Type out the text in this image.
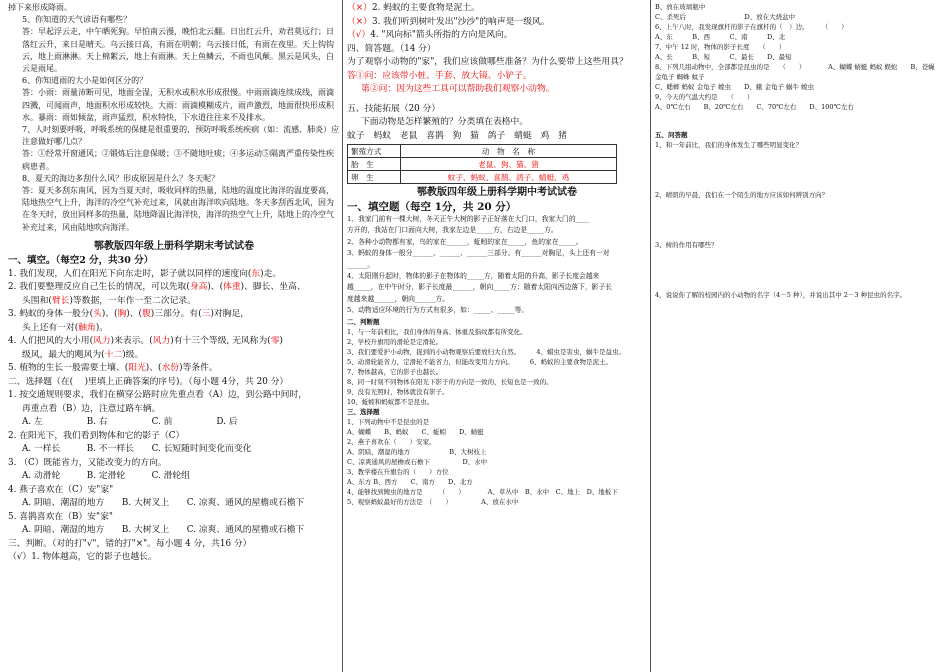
掉下来形成降雨。

5、你知道的天气谚语有哪些？

答：早起浮云走，中午晒死狗。早怕南云漫，晚怕北云翻。日出红云升，劝君莫远行；日落红云升，来日是晴天。乌云接日高，有雨在明朝；乌云接日低，有雨在夜里。天上钩钩云，地上雨淋淋。天上棉絮云，地上有雨淋。天上鱼鳞云，不雨也风颠。黑云是风头，白云是雨尾。

6、你知道雨的大小是如何区分的？

答：小雨：雨量沛断可见，地面全湿，无积水或积水形成很慢。中雨雨滴连续成线，雨滴四溅，可闻雨声，地面积水形成较快。大雨：雨滴模糊成片，雨声激烈，地面很快形成积水。暴雨：雨如倾盆，雨声猛烈，积水特快，下水道往往来不及排水。

7、人吋刻要呼吸，呼吸系统的保健是很重要的，预防呼吸系统疾病（如：流感、肺炎）应注意做好哪几点？

答：①经常开窗通风；②锻炼后注意保暖；③不随地吐痰；④多运动⑤隔离严重传染性疾病患者。

8、夏天的海边多刮什么风？形成原因是什么？冬天呢？

答：夏天多刮东南风，因为当夏天时，吸收同样的热量，陆地的温度比海洋的温度要高，陆地热空气上升，海洋的冷空气补充过来，风就由海洋吹向陆地。冬天多刮西北风，因为在冬天时，放出同样多的热量，陆地降温比海洋快，海洋的热空气上升，陆地上的冷空气补充过来，风由陆地吹向海洋。

鄂教版四年级上册科学期末考试试卷

一、填空。（每空2 分，共30 分）

1. 我们发现，人们在阳光下向东走时，影子就以同样的速度向(东)走。

2. 我们要整理反应自己生长的情况，可以先取(身高)、(体重)、脚长、坐高、

头围和(臂长)等数据，一年作一至二次记录。

3. 蚂蚁的身体一般分(头)、(胸)、(腹)三部分。有(三)对胸足，

头上还有一对(触角)。

4. 人们把风的大小用(风力)来表示。(风力)有十三个等级, 无风称为(零)

级风，最大的飓风为(十二)级。

5. 植物的生长一般需要土壤、(阳光)、(水份)等条件。

二、选择题（在(　 )里填上正确答案的序号)。（每小题 4分，共 20 分）

1. 按交通规则要求，我们在横穿公路时应先重点看（A）边，到公路中间时，

再重点看（B）边，注意过路车辆。

A. 左　　　　　B. 右　　　　　C. 前　　　　　D. 后

2. 在阳光下，我们看到物体和它的影子（C）

A. 一样长　　　B. 不一样长　　C. 长短随时间变化而变化

3. （C）既能省力，又能改变力的方向。

A. 动滑轮　　　B. 定滑轮　　　C. 滑轮组

4. 燕子喜欢在（C）安"家"

A. 阴暗、潮湿的地方　　B. 大树叉上　　C. 凉爽、通风的屋檐或石檐下

5. 喜鹊喜欢在（B）安"家"

A. 阴暗、潮湿的地方　　B. 大树叉上　　C. 凉爽、通风的屋檐或石檐下

三、判断。（对的打"√"，错的打"×"。每小题 4 分，共16 分）

（√）1. 物体越高，它的影子也越长。

（×）2. 蚂蚁的主要食物是泥土。

（×）3. 我们听到树叶发出"沙沙"的响声是一级风。

（√）4. "风向标"箭头所指的方向是风向。

四、简答题。（14 分）

为了观察小动物的"家"，我们应该做哪些准备？为什么要带上这些用具？

答①问：应该带小桩、手套、放大镜、小铲子。

第②问：因为这些工具可以帮助我们观察小动物。

五、技能拓展（20 分）

下面动物是怎样繁殖的？分类填在表格中。

蚊子　蚂蚁　老鼠　喜鹊　狗　猫　鸽子　蜻蜓　鸡　猪

繁殖方式	动　物　名　称
胎　生	老鼠、狗、猫、猪
卵　生	蚊子、蚂蚁、喜鹊、鸽子、蜻蜓、鸡

鄂教版四年级上册科学期中考试试卷

一、填空题（每空 1分，共 20 分）

1、我家门前有一棵大树，冬天正午大树的影子正好落在大门口，我家大门的____

方开的，我站在门口面向大树，我家左边是_____方，右边是_____方。

2、各种小动物都有家，鸟的家在______，蚯蚓的家在_____，鱼的家在_____。

3、蚂蚁的身体一般分______、______、______三部分。有______对胸足，头上还有一对

______。

4、太阳刚升起时，物体的影子在物体的_____方，随着太阳的升高，影子长度会越来

越_____，在中午时分，影子长度最______，朝向_____方；随着太阳向西边落下，影子长

度越来越______，朝向______方。

5、动物适应环境的行为方式有很多，如：_____、_____等。

二、判断题

1、与一年前相比，我们身体的身高、体重及指纹都有所变化。

2、学校升旗用的滑轮是定滑轮。

3、我们要爱护小动物，捉到的小动物观察后要放归大自然。　　　4、蜡虫是害虫，蜗牛是益虫。

5、动滑轮能省力，定滑轮不能省力，但能改变用力方向。　　　6、蚂蚁的主要食物是泥土。

7、物体越高，它的影子也越长。

8、同一时刻不同物体在阳光下影子的方向是一致的，长短也是一致的。

9、没有光照时，物体就没有影子。

10、蚯蚓和蚂蚁都不是昆虫。

三、选择题

1、下列动物中不是昆虫的是

A、蝴蝶　　B、蚂蚁　　C、蚯蚓　　D、蜻蜓

2、燕子喜欢在（　　）安家。

A、阴暗，潮湿的地方　　　　　　B、大树枝上

C、凉爽通风的屋檐或石檐下　　　　　D、水中

3、教学楼在升旗台的（　　）方位

A、东方 B、西方　　C、南方　　D、北方

4、能够找到鲍虫的地方是　　　（　　）　　　　A、草丛中　B、水中　C、地上　D、地板下

5、观察蚂蚁最好的方法是　（　　）　　　　　A、放在水中

B、放在玻璃瓶中

C、杀死后　　　　　　　　　D、放在大烧盆中

6、上午八时，我发现旗杆的影子在旗杆的（　）边。　　　（　　）

A、东　　　B、西　　　C、南　　　D、北

7、中午 12 时，物体的影子长度　　（　　）

A、长　　　B、短　　　C、最长　　D、最短

8、下列几组动物中，全部都是昆虫的是　　（　　）　　　　A、蝴蝶 蜻蜓 蚂蚁 蜈蚣　　B、苍蝇 金龟子 蜘蛛 蚊子

C、蟋蟀 蚂蚁 金龟子 螳虫　　D、蛾 金龟子 蜗牛 螳虫

9、今天的气温大约是　　（　　）

A、0℃左右　　B、20℃左右　　C、70℃左右　　D、100℃左右

五、问答题

1、和一年前比，我们的身体发生了哪些明显变化？

2、晴朗的早晨，我们在一个陌生的地方应该如何辨别方向？

3、树的作用有哪些？

4、说说你了解的校园内的小动物的名字（4－5 种），并说出其中 2－3 种昆虫的名字。
